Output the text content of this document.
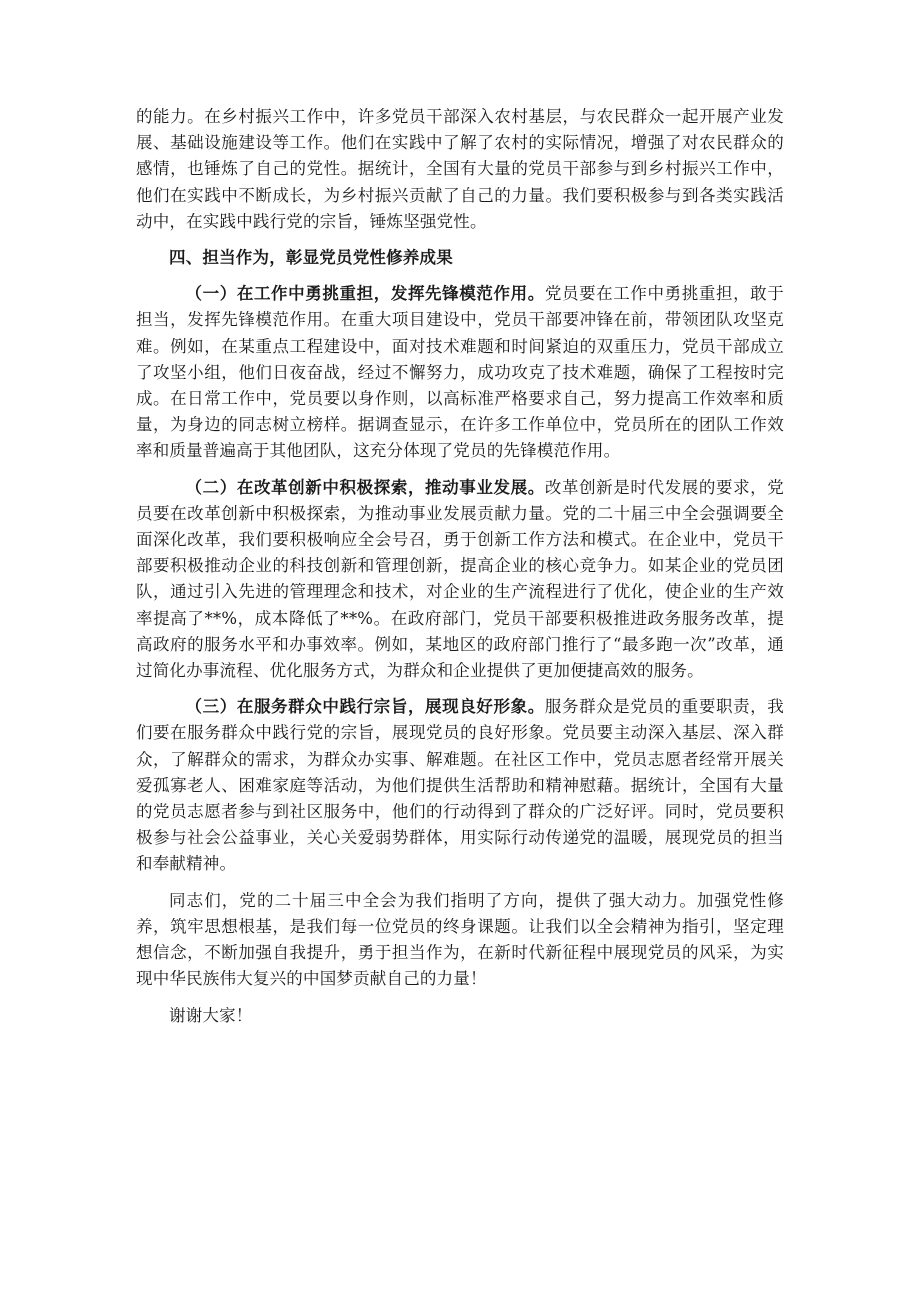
的能力。在乡村振兴工作中，许多党员干部深入农村基层，与农民群众一起开展产业发展、基础设施建设等工作。他们在实践中了解了农村的实际情况，增强了对农民群众的感情，也锤炼了自己的党性。据统计，全国有大量的党员干部参与到乡村振兴工作中，他们在实践中不断成长，为乡村振兴贡献了自己的力量。我们要积极参与到各类实践活动中，在实践中践行党的宗旨，锤炼坚强党性。

四、担当作为，彰显党员党性修养成果

（一）在工作中勇挑重担，发挥先锋模范作用。党员要在工作中勇挑重担，敢于担当，发挥先锋模范作用。在重大项目建设中，党员干部要冲锋在前，带领团队攻坚克难。例如，在某重点工程建设中，面对技术难题和时间紧迫的双重压力，党员干部成立了攻坚小组，他们日夜奋战，经过不懈努力，成功攻克了技术难题，确保了工程按时完成。在日常工作中，党员要以身作则，以高标准严格要求自己，努力提高工作效率和质量，为身边的同志树立榜样。据调查显示，在许多工作单位中，党员所在的团队工作效率和质量普遍高于其他团队，这充分体现了党员的先锋模范作用。

（二）在改革创新中积极探索，推动事业发展。改革创新是时代发展的要求，党员要在改革创新中积极探索，为推动事业发展贡献力量。党的二十届三中全会强调要全面深化改革，我们要积极响应全会号召，勇于创新工作方法和模式。在企业中，党员干部要积极推动企业的科技创新和管理创新，提高企业的核心竞争力。如某企业的党员团队，通过引入先进的管理理念和技术，对企业的生产流程进行了优化，使企业的生产效率提高了**%，成本降低了**%。在政府部门，党员干部要积极推进政务服务改革，提高政府的服务水平和办事效率。例如，某地区的政府部门推行了“最多跑一次”改革，通过简化办事流程、优化服务方式，为群众和企业提供了更加便捷高效的服务。

（三）在服务群众中践行宗旨，展现良好形象。服务群众是党员的重要职责，我们要在服务群众中践行党的宗旨，展现党员的良好形象。党员要主动深入基层、深入群众，了解群众的需求，为群众办实事、解难题。在社区工作中，党员志愿者经常开展关爱孤寡老人、困难家庭等活动，为他们提供生活帮助和精神慰藉。据统计，全国有大量的党员志愿者参与到社区服务中，他们的行动得到了群众的广泛好评。同时，党员要积极参与社会公益事业，关心关爱弱势群体，用实际行动传递党的温暖，展现党员的担当和奉献精神。

同志们，党的二十届三中全会为我们指明了方向，提供了强大动力。加强党性修养，筑牢思想根基，是我们每一位党员的终身课题。让我们以全会精神为指引，坚定理想信念，不断加强自我提升，勇于担当作为，在新时代新征程中展现党员的风采，为实现中华民族伟大复兴的中国梦贡献自己的力量！

谢谢大家！
